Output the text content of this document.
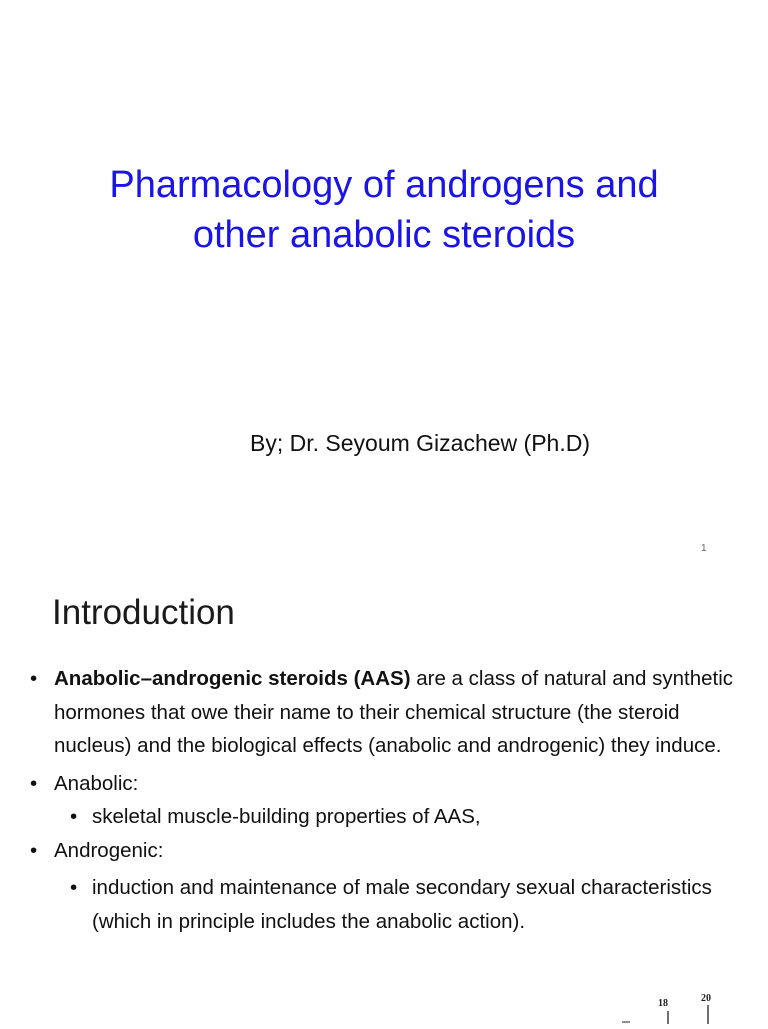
Pharmacology of androgens and
other anabolic steroids
By; Dr. Seyoum Gizachew (Ph.D)
1
Introduction
• Anabolic–androgenic steroids (AAS) are a class of natural and synthetic hormones that owe their name to their chemical structure (the steroid nucleus) and the biological effects (anabolic and androgenic) they induce.
• Anabolic:
• skeletal muscle-building properties of AAS,
• Androgenic:
• induction and maintenance of male secondary sexual characteristics (which in principle includes the anabolic action).
18	20
